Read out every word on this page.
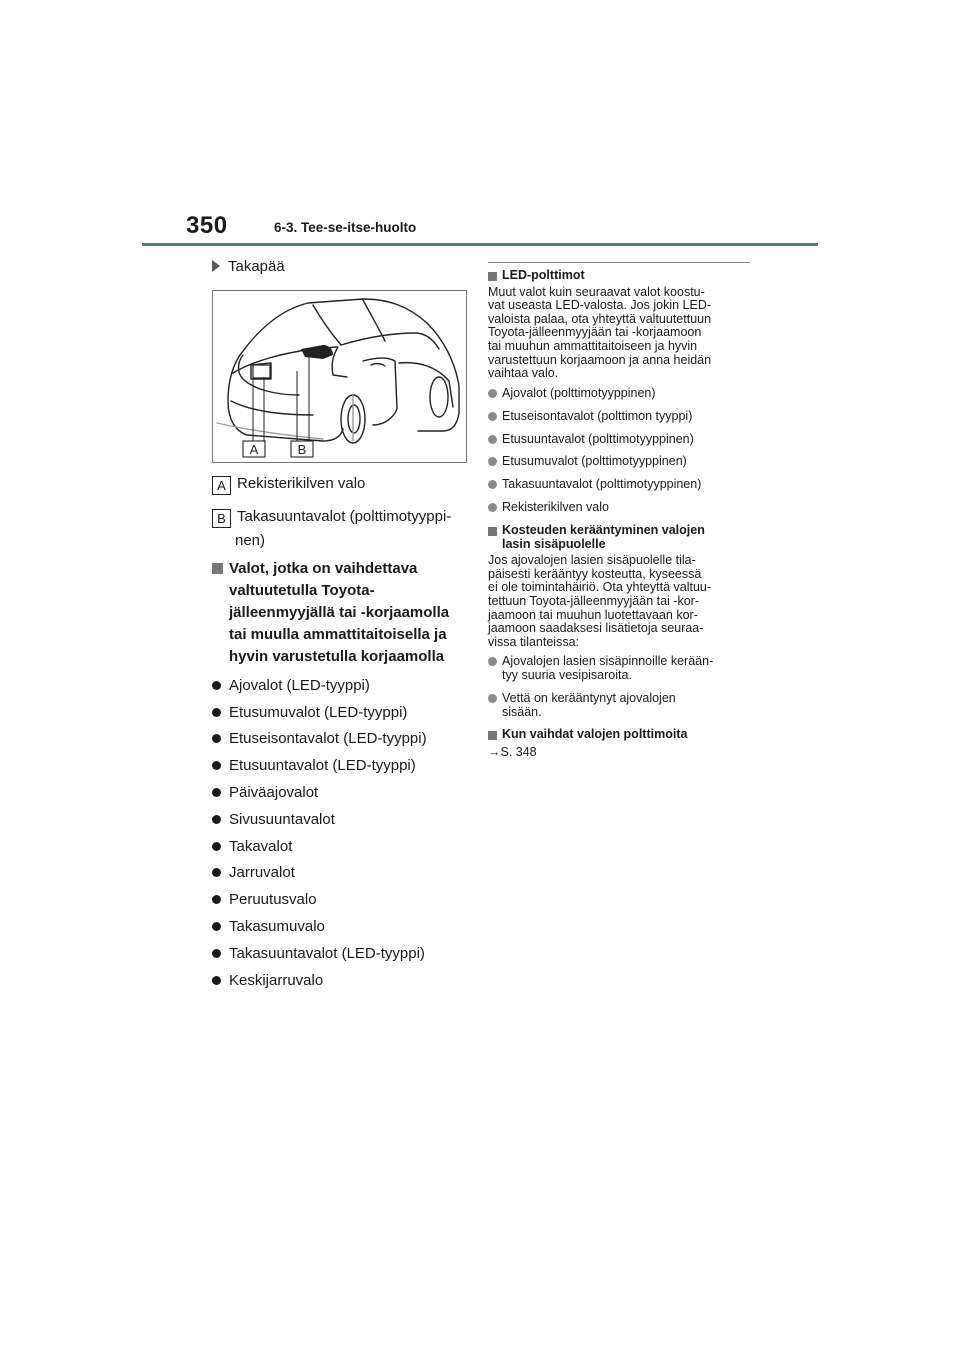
350	6-3. Tee-se-itse-huolto
Takapää
A	B
A Rekisterikilven valo
B Takasuuntavalot (polttimotyyppi-
nen)
Valot, jotka on vaihdettava
valtuutetulla Toyota-
jälleenmyyjällä tai -korjaamolla
tai muulla ammattitaitoisella ja
hyvin varustetulla korjaamolla
Ajovalot (LED-tyyppi)
Etusumuvalot (LED-tyyppi)
Etuseisontavalot (LED-tyyppi)
Etusuuntavalot (LED-tyyppi)
Päiväajovalot
Sivusuuntavalot
Takavalot
Jarruvalot
Peruutusvalo
Takasumuvalo
Takasuuntavalot (LED-tyyppi)
Keskijarruvalo
LED-polttimot
Muut valot kuin seuraavat valot koostu-
vat useasta LED-valosta. Jos jokin LED-
valoista palaa, ota yhteyttä valtuutettuun
Toyota-jälleenmyyjään tai -korjaamoon
tai muuhun ammattitaitoiseen ja hyvin
varustettuun korjaamoon ja anna heidän
vaihtaa valo.
Ajovalot (polttimotyyppinen)
Etuseisontavalot (polttimon tyyppi)
Etusuuntavalot (polttimotyyppinen)
Etusumuvalot (polttimotyyppinen)
Takasuuntavalot (polttimotyyppinen)
Rekisterikilven valo
Kosteuden kerääntyminen valojen
lasin sisäpuolelle
Jos ajovalojen lasien sisäpuolelle tila-
päisesti kerääntyy kosteutta, kyseessä
ei ole toimintahäiriö. Ota yhteyttä valtuu-
tettuun Toyota-jälleenmyyjään tai -kor-
jaamoon tai muuhun luotettavaan kor-
jaamoon saadaksesi lisätietoja seuraa-
vissa tilanteissa:
Ajovalojen lasien sisäpinnoille kerään-
tyy suuria vesipisaroita.
Vettä on kerääntynyt ajovalojen
sisään.
Kun vaihdat valojen polttimoita
→S. 348
